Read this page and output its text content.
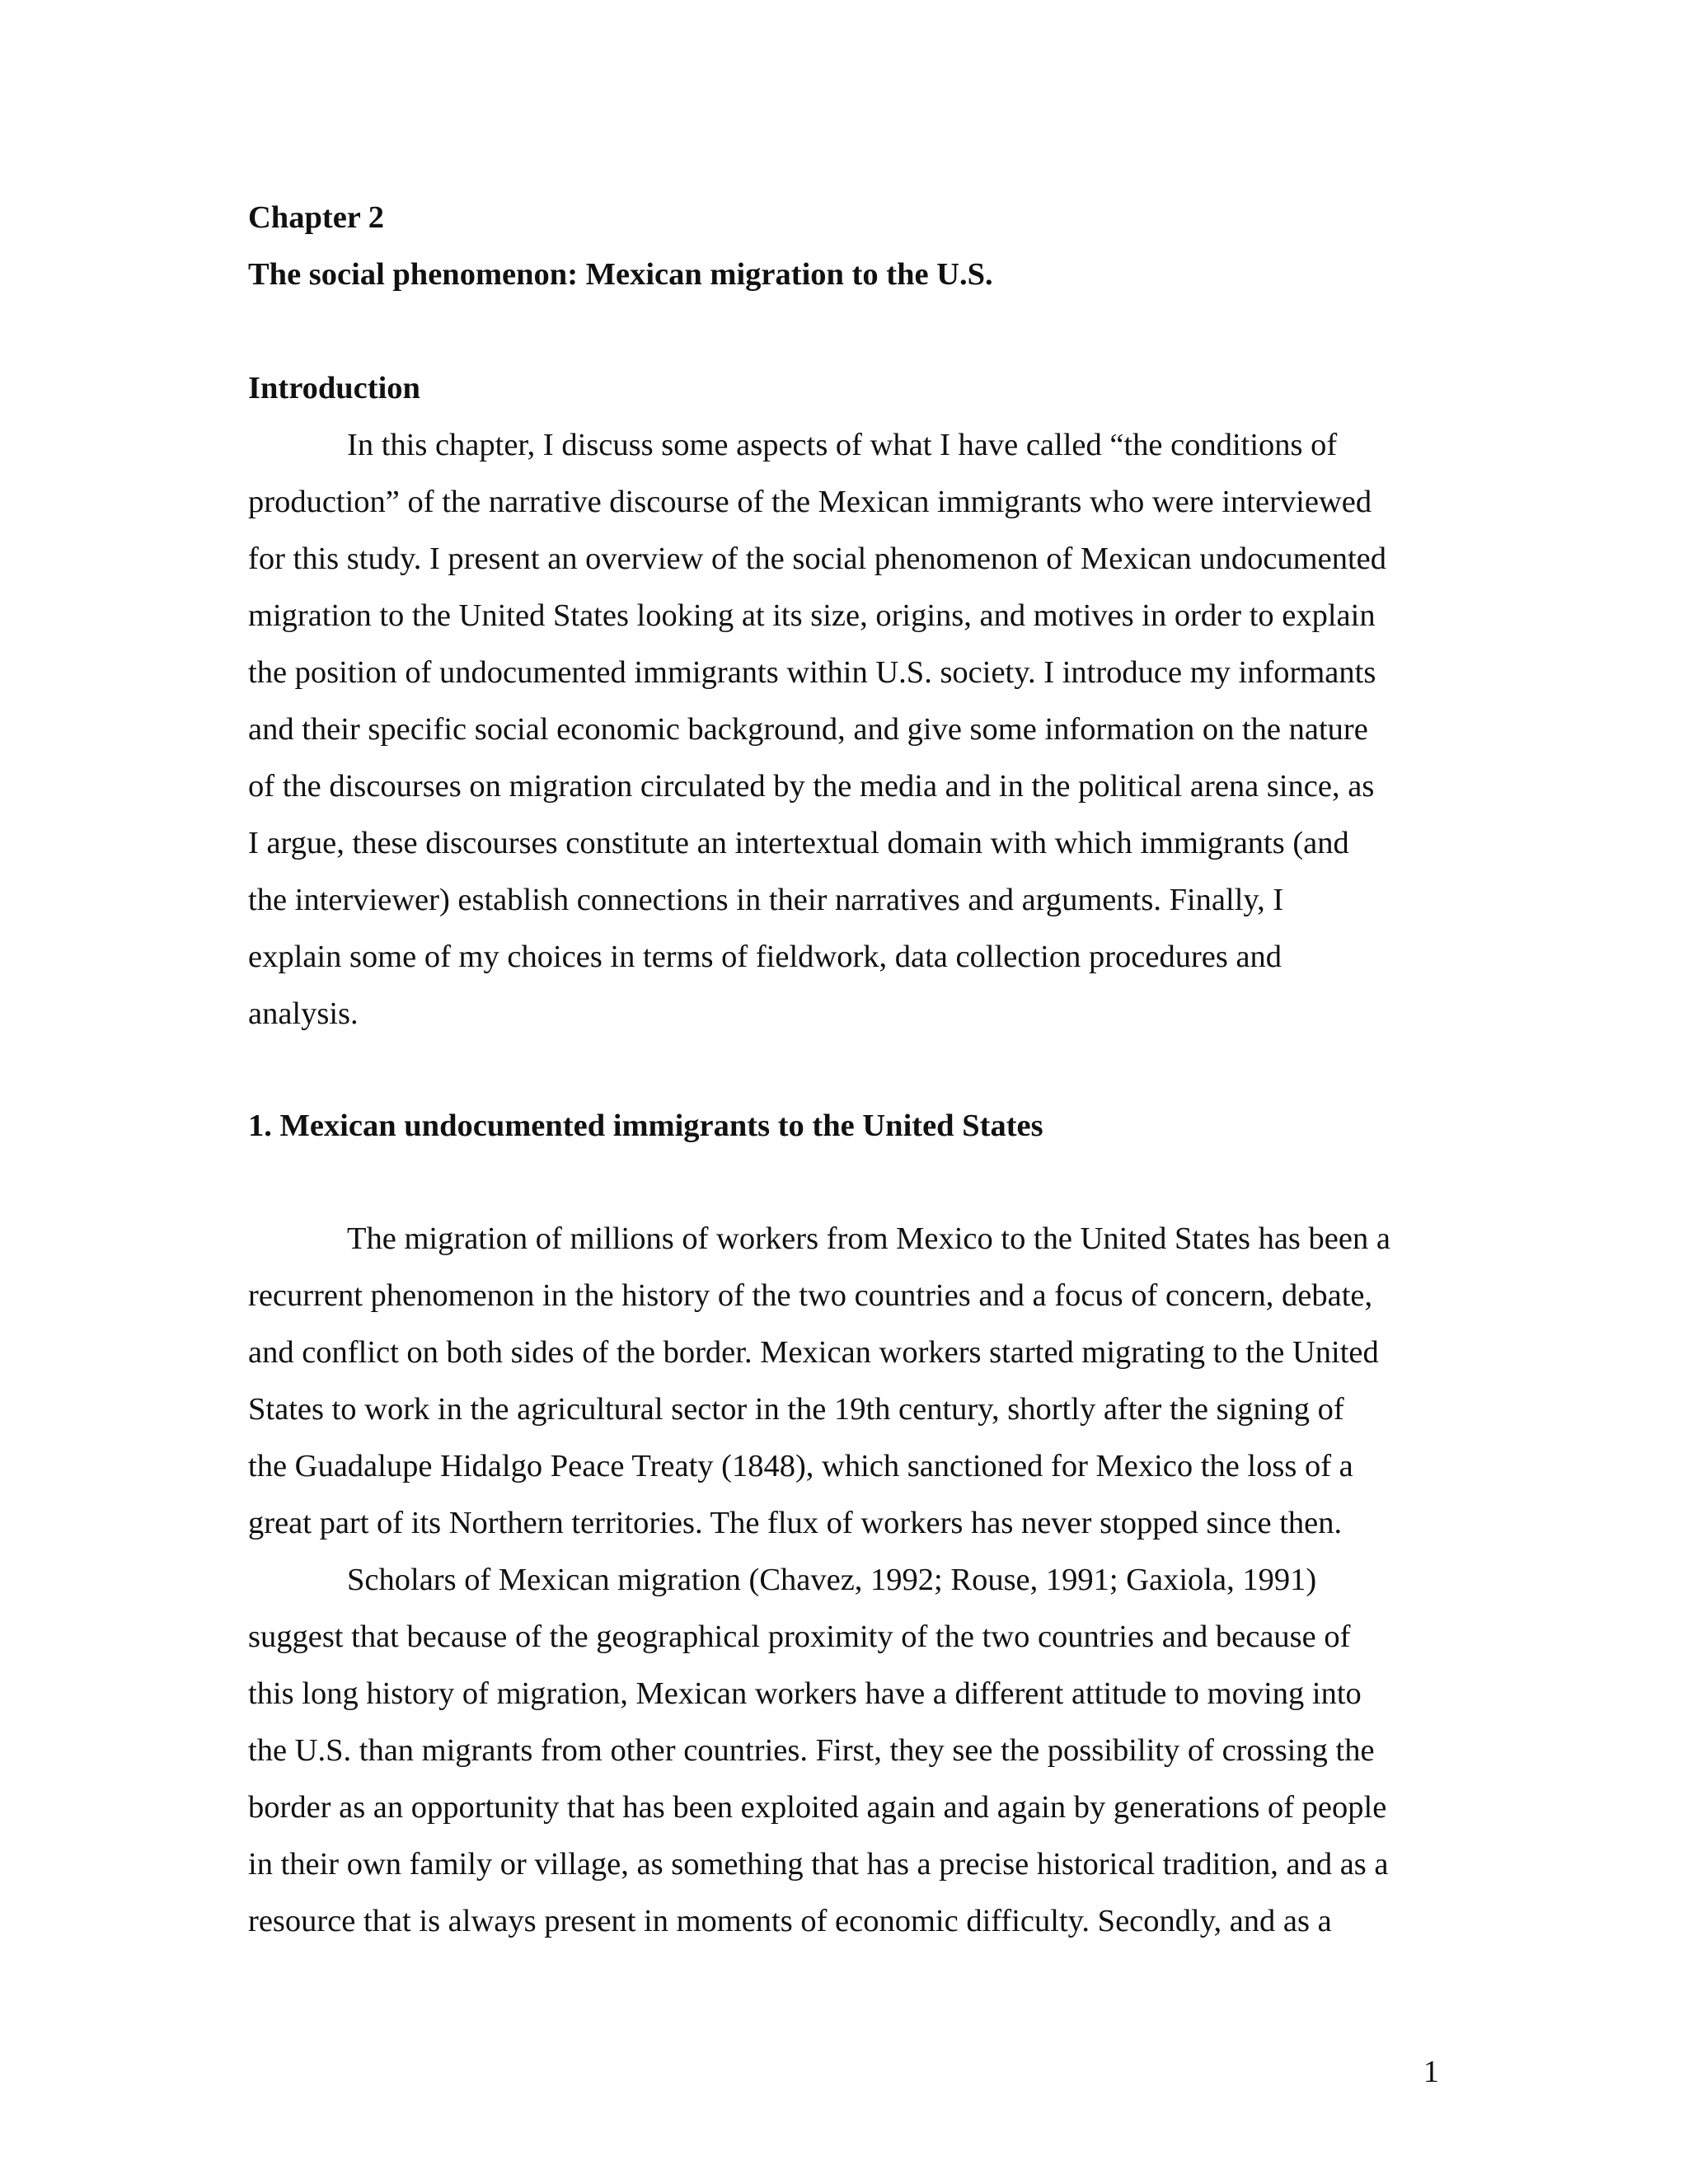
Chapter 2
The social phenomenon: Mexican migration to the U.S.
Introduction
In this chapter, I discuss some aspects of what I have called “the conditions of
production” of the narrative discourse of the Mexican immigrants who were interviewed
for this study. I present an overview of the social phenomenon of Mexican undocumented
migration to the United States looking at its size, origins, and motives in order to explain
the position of undocumented immigrants within U.S. society. I introduce my informants
and their specific social economic background, and give some information on the nature
of the discourses on migration circulated by the media and in the political arena since, as
I argue, these discourses constitute an intertextual domain with which immigrants (and
the interviewer) establish connections in their narratives and arguments. Finally, I
explain some of my choices in terms of fieldwork, data collection procedures and
analysis.
1. Mexican undocumented immigrants to the United States
The migration of millions of workers from Mexico to the United States has been a
recurrent phenomenon in the history of the two countries and a focus of concern, debate,
and conflict on both sides of the border. Mexican workers started migrating to the United
States to work in the agricultural sector in the 19th century, shortly after the signing of
the Guadalupe Hidalgo Peace Treaty (1848), which sanctioned for Mexico the loss of a
great part of its Northern territories. The flux of workers has never stopped since then.
Scholars of Mexican migration (Chavez, 1992; Rouse, 1991; Gaxiola, 1991)
suggest that because of the geographical proximity of the two countries and because of
this long history of migration, Mexican workers have a different attitude to moving into
the U.S. than migrants from other countries. First, they see the possibility of crossing the
border as an opportunity that has been exploited again and again by generations of people
in their own family or village, as something that has a precise historical tradition, and as a
resource that is always present in moments of economic difficulty. Secondly, and as a
1
